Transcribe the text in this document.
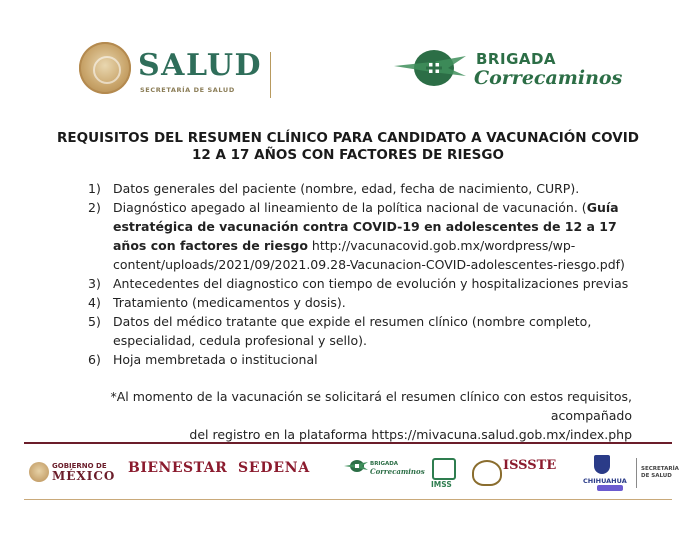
SALUD
SECRETARÍA DE SALUD
BRIGADA
Correcaminos
REQUISITOS DEL RESUMEN CLÍNICO PARA CANDIDATO A VACUNACIÓN COVID
12 A 17 AÑOS CON FACTORES DE RIESGO
1) Datos generales del paciente (nombre, edad, fecha de nacimiento, CURP).
2) Diagnóstico apegado al lineamiento de la política nacional de vacunación. (Guía estratégica de vacunación contra COVID-19 en adolescentes de 12 a 17 años con factores de riesgo http://vacunacovid.gob.mx/wordpress/wp-content/uploads/2021/09/2021.09.28-Vacunacion-COVID-adolescentes-riesgo.pdf)
3) Antecedentes del diagnostico con tiempo de evolución y hospitalizaciones previas
4) Tratamiento (medicamentos y dosis).
5) Datos del médico tratante que expide el resumen clínico (nombre completo, especialidad, cedula profesional y sello).
6) Hoja membretada o institucional
*Al momento de la vacunación se solicitará el resumen clínico con estos requisitos, acompañado
del registro en la plataforma https://mivacuna.salud.gob.mx/index.php
GOBIERNO DE
MÉXICO BIENESTAR SEDENA	BRIGADA
Correcaminos
IMSS
ISSSTE
CHIHUAHUA
SECRETARÍA
DE SALUD
